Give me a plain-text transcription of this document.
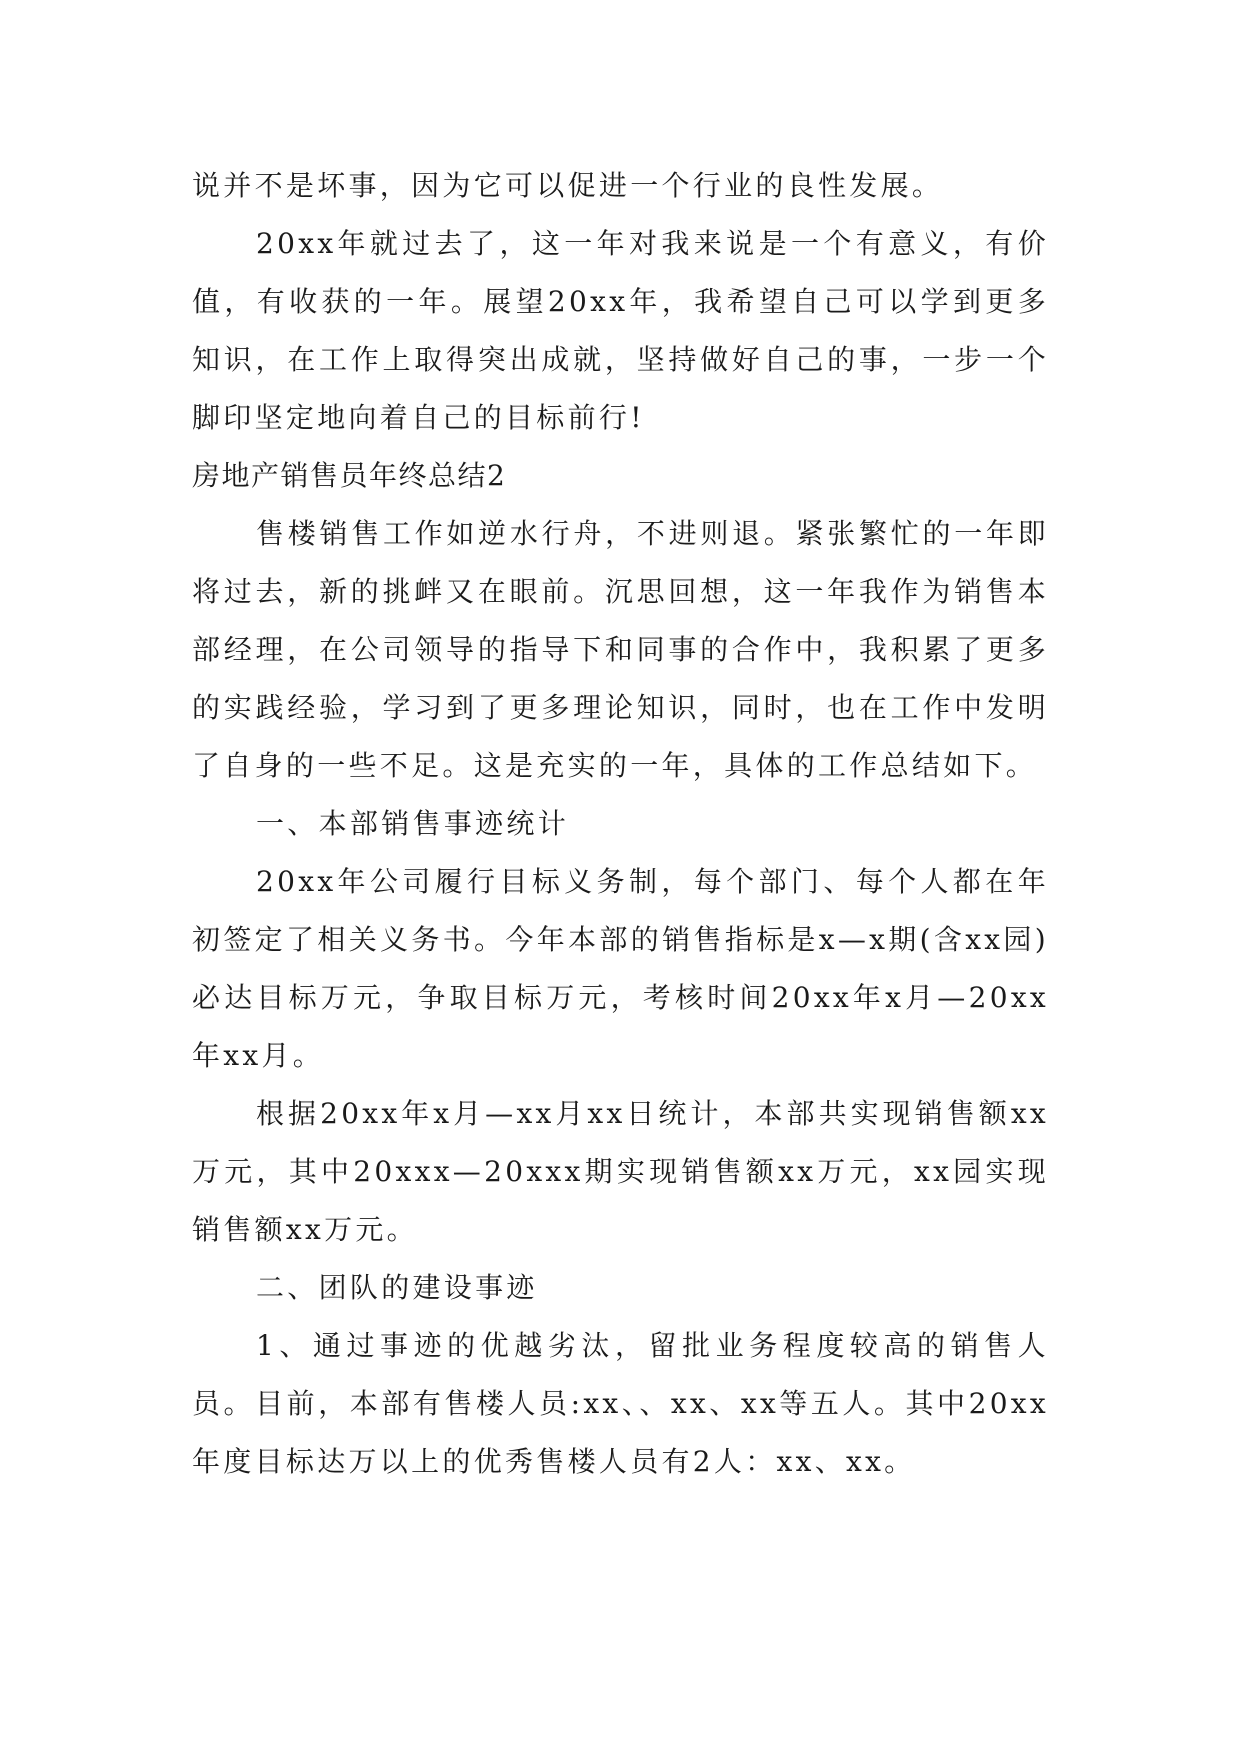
说并不是坏事，因为它可以促进一个行业的良性发展。

20xx年就过去了，这一年对我来说是一个有意义，有价值，有收获的一年。展望20xx年，我希望自己可以学到更多知识，在工作上取得突出成就，坚持做好自己的事，一步一个脚印坚定地向着自己的目标前行!

房地产销售员年终总结2

售楼销售工作如逆水行舟，不进则退。紧张繁忙的一年即将过去，新的挑衅又在眼前。沉思回想，这一年我作为销售本部经理，在公司领导的指导下和同事的合作中，我积累了更多的实践经验，学习到了更多理论知识，同时，也在工作中发明了自身的一些不足。这是充实的一年，具体的工作总结如下。

一、本部销售事迹统计

20xx年公司履行目标义务制，每个部门、每个人都在年初签定了相关义务书。今年本部的销售指标是x—x期(含xx园)必达目标万元，争取目标万元，考核时间20xx年x月—20xx年xx月。

根据20xx年x月—xx月xx日统计，本部共实现销售额xx万元，其中20xxx—20xxx期实现销售额xx万元，xx园实现销售额xx万元。

二、团队的建设事迹

1、通过事迹的优越劣汰，留批业务程度较高的销售人员。目前，本部有售楼人员:xx、、xx、xx等五人。其中20xx年度目标达万以上的优秀售楼人员有2人：xx、xx。
